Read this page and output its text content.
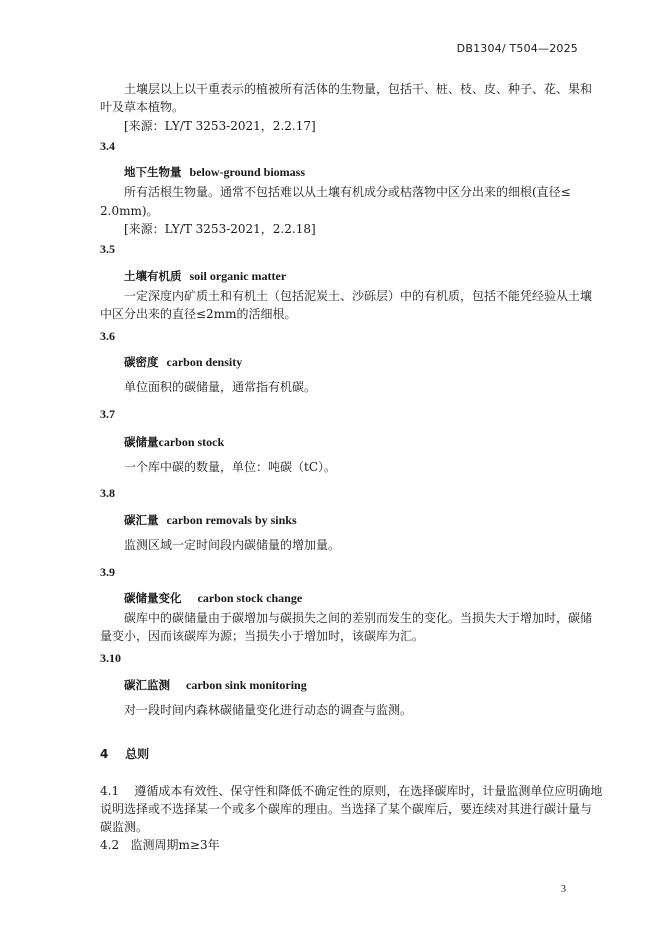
DB1304/ T504—2025

土壤层以上以干重表示的植被所有活体的生物量，包括干、桩、枝、皮、种子、花、果和

叶及草本植物。

[来源：LY/T 3253-2021，2.2.17]

3.4
地下生物量 below-ground biomass

所有活根生物量。通常不包括难以从土壤有机成分或枯落物中区分出来的细根(直径≤

2.0mm)。

[来源：LY/T 3253-2021，2.2.18]

3.5
土壤有机质 soil organic matter

一定深度内矿质土和有机土（包括泥炭土、沙砾层）中的有机质，包括不能凭经验从土壤

中区分出来的直径≤2mm的活细根。

3.6
碳密度 carbon density

单位面积的碳储量，通常指有机碳。

3.7
碳储量carbon stock

一个库中碳的数量，单位：吨碳（tC）。

3.8
碳汇量 carbon removals by sinks

监测区域一定时间段内碳储量的增加量。

3.9
碳储量变化 carbon stock change

碳库中的碳储量由于碳增加与碳损失之间的差别而发生的变化。当损失大于增加时，碳储

量变小，因而该碳库为源；当损失小于增加时，该碳库为汇。

3.10
碳汇监测 carbon sink monitoring

对一段时间内森林碳储量变化进行动态的调查与监测。

4 总则
4.1 遵循成本有效性、保守性和降低不确定性的原则，在选择碳库时，计量监测单位应明确地

说明选择或不选择某一个或多个碳库的理由。当选择了某个碳库后，要连续对其进行碳计量与

碳监测。

4.2 监测周期m≥3年
3
